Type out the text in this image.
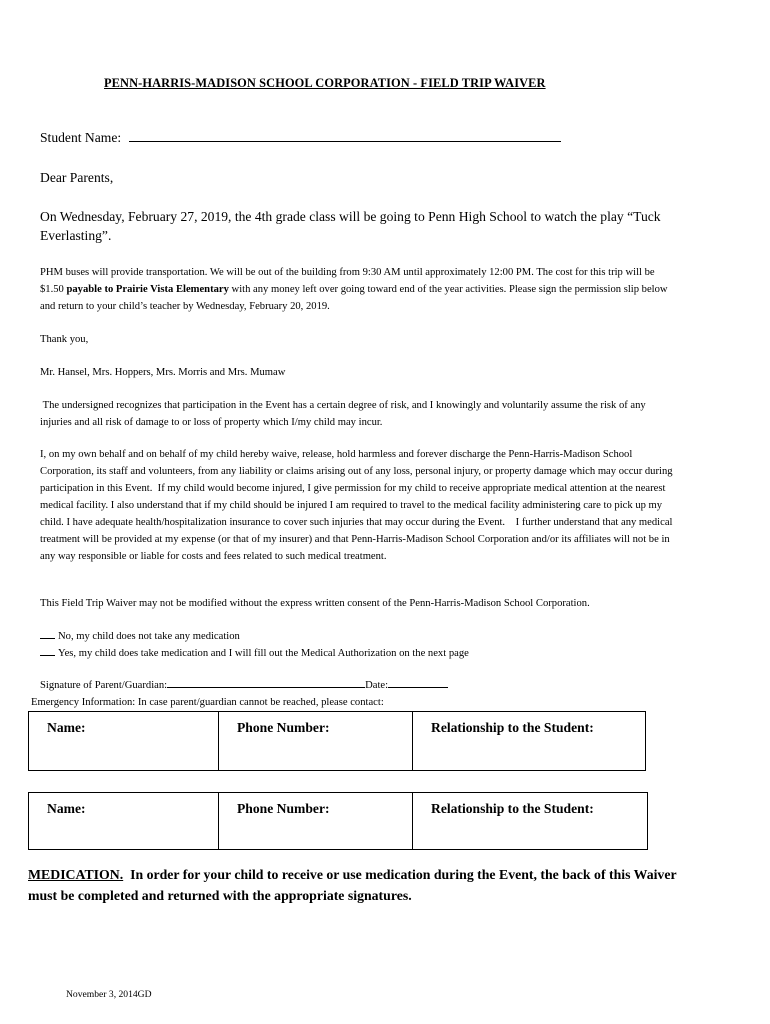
PENN-HARRIS-MADISON SCHOOL CORPORATION - FIELD TRIP WAIVER
Student Name:
Dear Parents,
On Wednesday, February 27, 2019, the 4th grade class will be going to Penn High School to watch the play “Tuck Everlasting”.
PHM buses will provide transportation. We will be out of the building from 9:30 AM until approximately 12:00 PM. The cost for this trip will be $1.50 payable to Prairie Vista Elementary with any money left over going toward end of the year activities. Please sign the permission slip below and return to your child’s teacher by Wednesday, February 20, 2019.
Thank you,
Mr. Hansel, Mrs. Hoppers, Mrs. Morris and Mrs. Mumaw
The undersigned recognizes that participation in the Event has a certain degree of risk, and I knowingly and voluntarily assume the risk of any injuries and all risk of damage to or loss of property which I/my child may incur.
I, on my own behalf and on behalf of my child hereby waive, release, hold harmless and forever discharge the Penn-Harris-Madison School Corporation, its staff and volunteers, from any liability or claims arising out of any loss, personal injury, or property damage which may occur during participation in this Event.  If my child would become injured, I give permission for my child to receive appropriate medical attention at the nearest medical facility. I also understand that if my child should be injured I am required to travel to the medical facility administering care to pick up my child. I have adequate health/hospitalization insurance to cover such injuries that may occur during the Event.    I further understand that any medical treatment will be provided at my expense (or that of my insurer) and that Penn-Harris-Madison School Corporation and/or its affiliates will not be in any way responsible or liable for costs and fees related to such medical treatment.
This Field Trip Waiver may not be modified without the express written consent of the Penn-Harris-Madison School Corporation.
No, my child does not take any medication
Yes, my child does take medication and I will fill out the Medical Authorization on the next page
Signature of Parent/Guardian:	Date:
Emergency Information: In case parent/guardian cannot be reached, please contact:
Name:	Phone Number:	Relationship to the Student:
Name:	Phone Number:	Relationship to the Student:
MEDICATION.  In order for your child to receive or use medication during the Event, the back of this Waiver must be completed and returned with the appropriate signatures.
November 3, 2014GD
